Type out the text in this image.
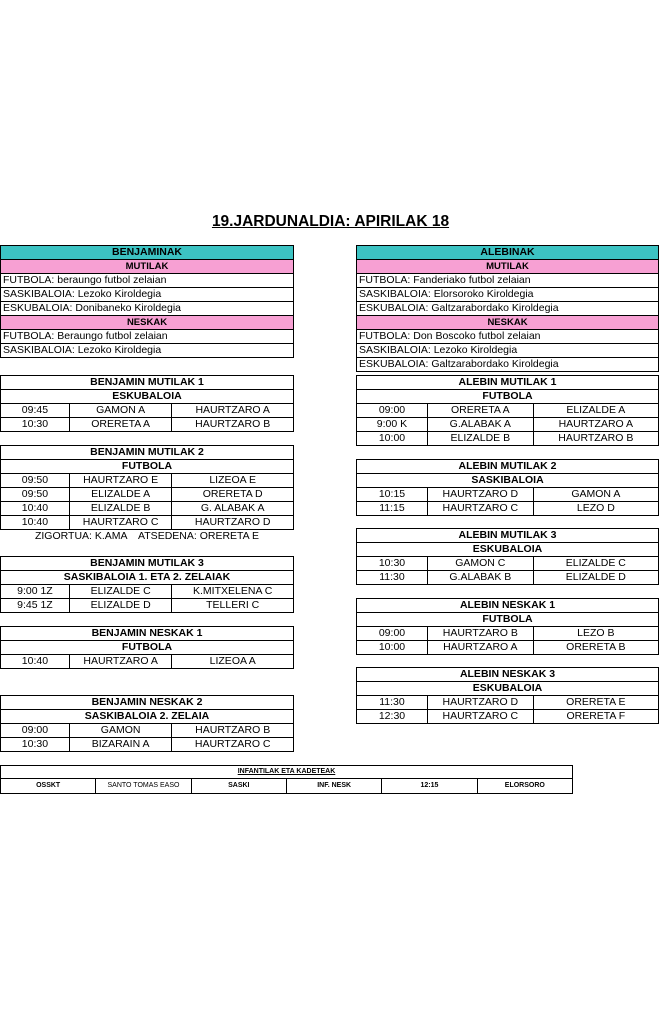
19.JARDUNALDIA: APIRILAK 18
BENJAMINAK
MUTILAK
FUTBOLA: beraungo futbol zelaian
SASKIBALOIA: Lezoko Kiroldegia
ESKUBALOIA: Donibaneko Kiroldegia
NESKAK
FUTBOLA: Beraungo futbol zelaian
SASKIBALOIA: Lezoko Kiroldegia
ALEBINAK
MUTILAK
FUTBOLA: Fanderiako futbol zelaian
SASKIBALOIA: Elorsoroko Kiroldegia
ESKUBALOIA: Galtzarabordako Kiroldegia
NESKAK
FUTBOLA: Don Boscoko futbol zelaian
SASKIBALOIA: Lezoko Kiroldegia
ESKUBALOIA: Galtzarabordako Kiroldegia
BENJAMIN MUTILAK 1		
ESKUBALOIA		
09:45	GAMON A	HAURTZARO A
10:30	ORERETA A	HAURTZARO B
BENJAMIN MUTILAK 2		
FUTBOLA		
09:50	HAURTZARO E	LIZEOA E
09:50	ELIZALDE A	ORERETA D
10:40	ELIZALDE B	G. ALABAK A
10:40	HAURTZARO C	HAURTZARO D
ZIGORTUA: K.AMA    ATSEDENA: ORERETA E		
BENJAMIN MUTILAK 3		
SASKIBALOIA 1. ETA 2. ZELAIAK		
9:00 1Z	ELIZALDE C	K.MITXELENA C
9:45 1Z	ELIZALDE D	TELLERI C
BENJAMIN NESKAK 1
FUTBOLA
10:40	HAURTZARO A	LIZEOA A
BENJAMIN NESKAK 2		
SASKIBALOIA 2. ZELAIA		
09:00	GAMON	HAURTZARO B
10:30	BIZARAIN A	HAURTZARO C
ALEBIN MUTILAK 1		
FUTBOLA		
09:00	ORERETA A	ELIZALDE A
9:00 K	G.ALABAK A	HAURTZARO A
10:00	ELIZALDE B	HAURTZARO B
ALEBIN MUTILAK 2		
SASKIBALOIA		
10:15	HAURTZARO D	GAMON A
11:15	HAURTZARO C	LEZO D
ALEBIN MUTILAK 3		
ESKUBALOIA		
10:30	GAMON C	ELIZALDE C
11:30	G.ALABAK B	ELIZALDE D
ALEBIN NESKAK 1		
FUTBOLA		
09:00	HAURTZARO B	LEZO B
10:00	HAURTZARO A	ORERETA B
ALEBIN NESKAK 3		
ESKUBALOIA		
11:30	HAURTZARO D	ORERETA E
12:30	HAURTZARO C	ORERETA F
INFANTILAK ETA KADETEAK
OSSKT	SANTO TOMAS EASO	SASKI	INF. NESK	12:15	ELORSORO
